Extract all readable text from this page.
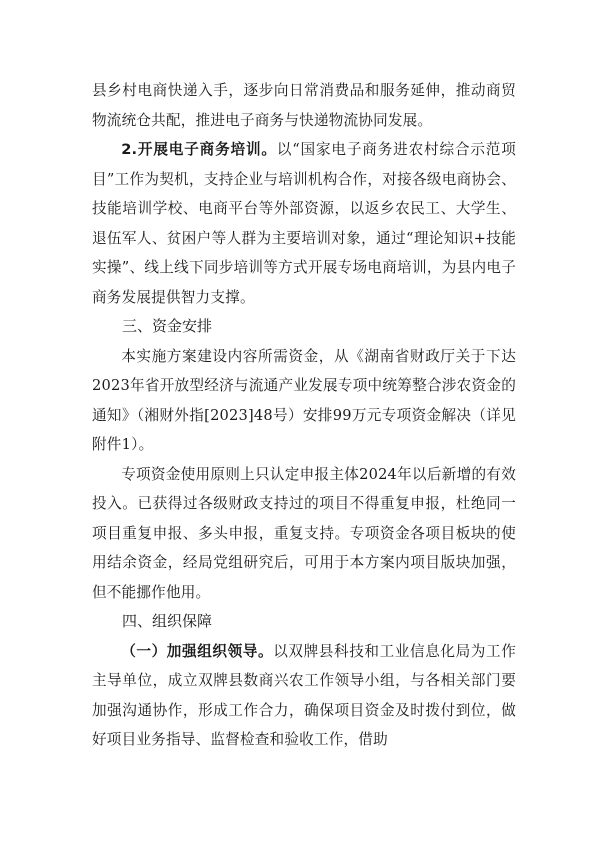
县乡村电商快递入手，逐步向日常消费品和服务延伸，推动商贸物流统仓共配，推进电子商务与快递物流协同发展。

2.开展电子商务培训。以“国家电子商务进农村综合示范项目”工作为契机，支持企业与培训机构合作，对接各级电商协会、技能培训学校、电商平台等外部资源，以返乡农民工、大学生、退伍军人、贫困户等人群为主要培训对象，通过“理论知识+技能实操”、线上线下同步培训等方式开展专场电商培训，为县内电子商务发展提供智力支撑。

三、资金安排

本实施方案建设内容所需资金，从《湖南省财政厅关于下达2023年省开放型经济与流通产业发展专项中统筹整合涉农资金的通知》（湘财外指[2023]48号）安排99万元专项资金解决（详见附件1）。

专项资金使用原则上只认定申报主体2024年以后新增的有效投入。已获得过各级财政支持过的项目不得重复申报，杜绝同一项目重复申报、多头申报，重复支持。专项资金各项目板块的使用结余资金，经局党组研究后，可用于本方案内项目版块加强，但不能挪作他用。

四、组织保障

（一）加强组织领导。以双牌县科技和工业信息化局为工作主导单位，成立双牌县数商兴农工作领导小组，与各相关部门要加强沟通协作，形成工作合力，确保项目资金及时拨付到位，做好项目业务指导、监督检查和验收工作，借助
